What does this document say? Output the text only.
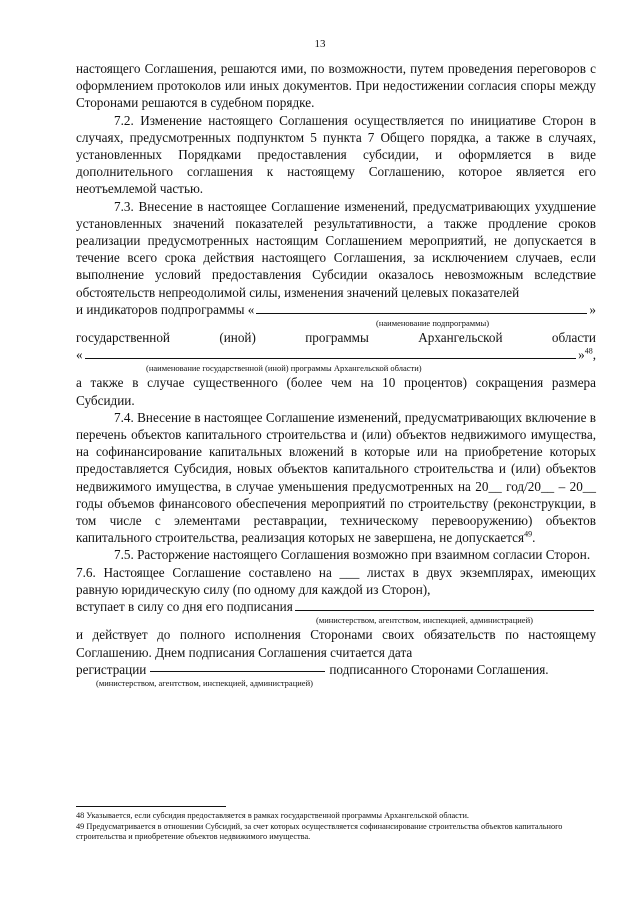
13

настоящего Соглашения, решаются ими, по возможности, путем проведения переговоров с оформлением протоколов или иных документов. При недостижении согласия споры между Сторонами решаются в судебном порядке.

7.2. Изменение настоящего Соглашения осуществляется по инициативе Сторон в случаях, предусмотренных подпунктом 5 пункта 7 Общего порядка, а также в случаях, установленных Порядками предоставления субсидии, и оформляется в виде дополнительного соглашения к настоящему Соглашению, которое является его неотъемлемой частью.

7.3. Внесение в настоящее Соглашение изменений, предусматривающих ухудшение установленных значений показателей результативности, а также продление сроков реализации предусмотренных настоящим Соглашением мероприятий, не допускается в течение всего срока действия настоящего Соглашения, за исключением случаев, если выполнение условий предоставления Субсидии оказалось невозможным вследствие обстоятельств непреодолимой силы, изменения значений целевых показателей

и индикаторов подпрограммы «	»
(наименование подпрограммы)
государственной	(иной)	программы	Архангельской	области
«	»$^{48}$,
(наименование государственной (иной) программы Архангельской области)

а также в случае существенного (более чем на 10 процентов) сокращения размера Субсидии.

7.4. Внесение в настоящее Соглашение изменений, предусматривающих включение в перечень объектов капитального строительства и (или) объектов недвижимого имущества, на софинансирование капитальных вложений в которые или на приобретение которых предоставляется Субсидия, новых объектов капитального строительства и (или) объектов недвижимого имущества, в случае уменьшения предусмотренных на 20__ год/20__ – 20__ годы объемов финансового обеспечения мероприятий по строительству (реконструкции, в том числе с элементами реставрации, техническому перевооружению) объектов капитального строительства, реализация которых не завершена, не допускается$^{49}$.

7.5. Расторжение настоящего Соглашения возможно при взаимном согласии Сторон.

7.6. Настоящее Соглашение составлено на ___ листах в двух экземплярах, имеющих равную юридическую силу (по одному для каждой из Сторон),

вступает в силу со дня его подписания
(министерством, агентством, инспекцией, администрацией)

и действует до полного исполнения Сторонами своих обязательств по настоящему Соглашению. Днем подписания Соглашения считается дата

регистрации	подписанного Сторонами Соглашения.
(министерством, агентством, инспекцией, администрацией)

48 Указывается, если субсидия предоставляется в рамках государственной программы Архангельской области.

49 Предусматривается в отношении Субсидий, за счет которых осуществляется софинансирование строительства объектов капитального строительства и приобретение объектов недвижимого имущества.
